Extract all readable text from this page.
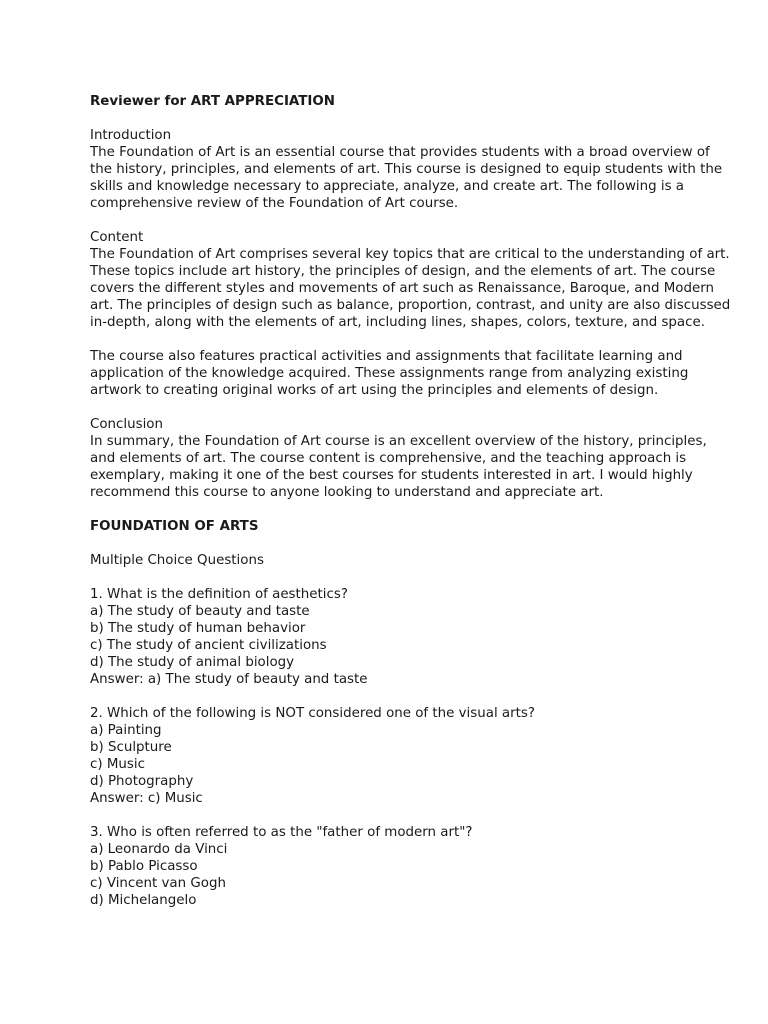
Reviewer for ART APPRECIATION
Introduction
The Foundation of Art is an essential course that provides students with a broad overview of
the history, principles, and elements of art. This course is designed to equip students with the
skills and knowledge necessary to appreciate, analyze, and create art. The following is a
comprehensive review of the Foundation of Art course.
Content
The Foundation of Art comprises several key topics that are critical to the understanding of art.
These topics include art history, the principles of design, and the elements of art. The course
covers the different styles and movements of art such as Renaissance, Baroque, and Modern
art. The principles of design such as balance, proportion, contrast, and unity are also discussed
in-depth, along with the elements of art, including lines, shapes, colors, texture, and space.
The course also features practical activities and assignments that facilitate learning and
application of the knowledge acquired. These assignments range from analyzing existing
artwork to creating original works of art using the principles and elements of design.
Conclusion
In summary, the Foundation of Art course is an excellent overview of the history, principles,
and elements of art. The course content is comprehensive, and the teaching approach is
exemplary, making it one of the best courses for students interested in art. I would highly
recommend this course to anyone looking to understand and appreciate art.
FOUNDATION OF ARTS
Multiple Choice Questions
1. What is the definition of aesthetics?
a) The study of beauty and taste
b) The study of human behavior
c) The study of ancient civilizations
d) The study of animal biology
Answer: a) The study of beauty and taste
2. Which of the following is NOT considered one of the visual arts?
a) Painting
b) Sculpture
c) Music
d) Photography
Answer: c) Music
3. Who is often referred to as the "father of modern art"?
a) Leonardo da Vinci
b) Pablo Picasso
c) Vincent van Gogh
d) Michelangelo
